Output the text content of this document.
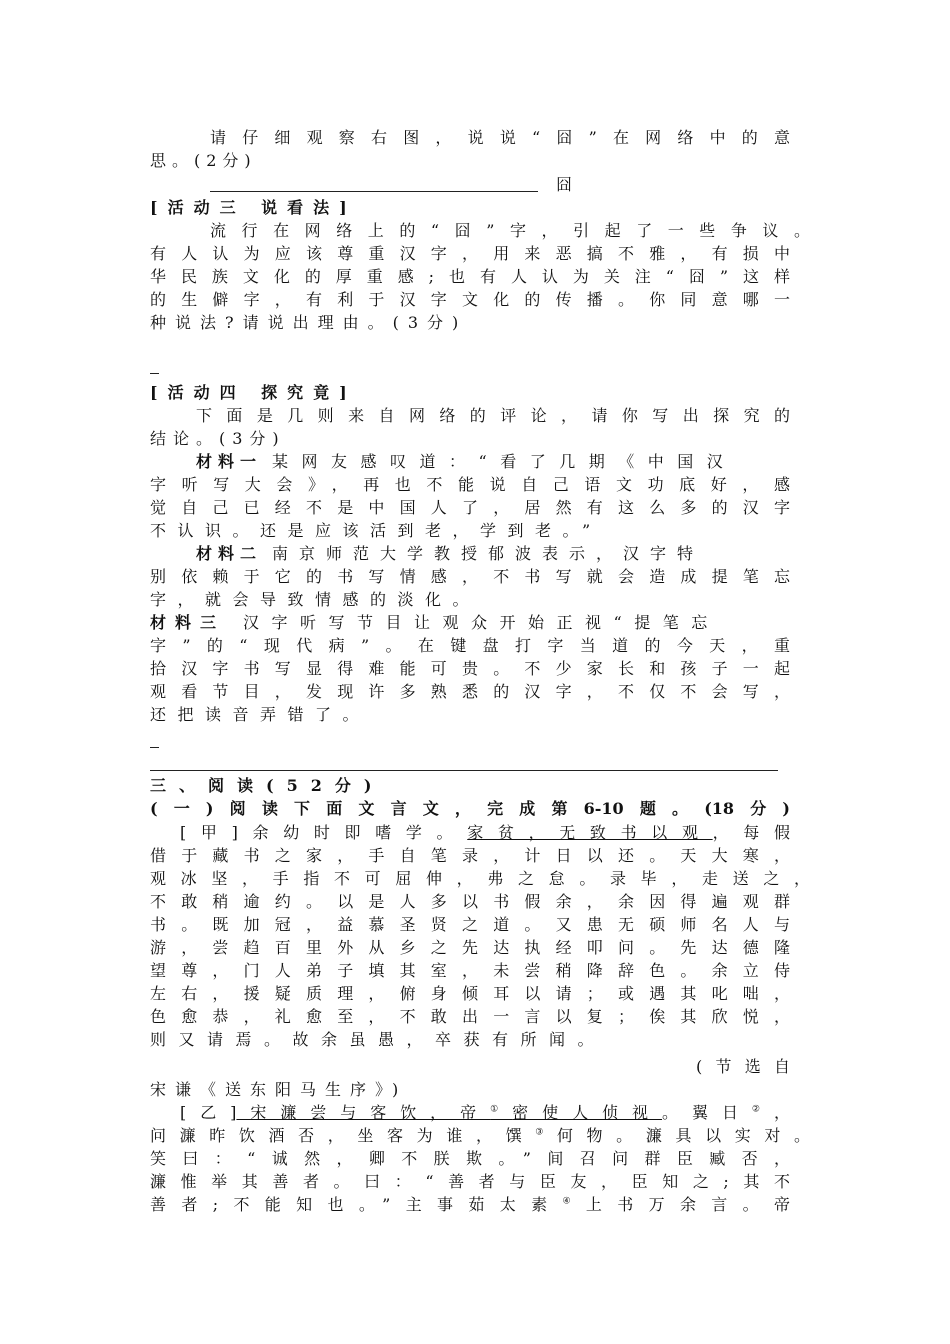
请仔细观察右图，说说“囧”在网络中的意
思。(2分)
囧
[活动三 说看法]
流行在网络上的“囧”字，引起了一些争议。
有人认为应该尊重汉字，用来恶搞不雅，有损中
华民族文化的厚重感;也有人认为关注“囧”这样
的生僻字，有利于汉字文化的传播。你同意哪一
种说法?请说出理由。(3分)
[活动四 探究竟]
下面是几则来自网络的评论，请你写出探究的
结论。(3分)
材料一 某网友感叹道：“看了几期《中国汉
字听写大会》，再也不能说自己语文功底好，感
觉自己已经不是中国人了，居然有这么多的汉字
不认识。还是应该活到老，学到老。”
材料二 南京师范大学教授郁波表示，汉字特
别依赖于它的书写情感，不书写就会造成提笔忘
字，就会导致情感的淡化。
材料三 汉字听写节目让观众开始正视“提笔忘
字”的“现代病”。在键盘打字当道的今天，重
拾汉字书写显得难能可贵。不少家长和孩子一起
观看节目，发现许多熟悉的汉字，不仅不会写，
还把读音弄错了。
三、阅读(52分)
(一)阅读下面文言文，完成第6-10题。(18分)
[甲]余幼时即嗜学。家贫，无致书以观，每假
借于藏书之家，手自笔录，计日以还。天大寒，
观冰坚，手指不可屈伸，弗之怠。录毕，走送之，
不敢稍逾约。以是人多以书假余，余因得遍观群
书。既加冠，益慕圣贤之道。又患无硕师名人与
游，尝趋百里外从乡之先达执经叩问。先达德隆
望尊，门人弟子填其室，未尝稍降辞色。余立侍
左右，援疑质理，俯身倾耳以请；或遇其叱咄，
色愈恭，礼愈至，不敢出一言以复；俟其欣悦，
则又请焉。故余虽愚，卒获有所闻。
(节选自
宋谦《送东阳马生序》)
[乙]宋濂尝与客饮，帝①密使人侦视。翼日②，
问濂昨饮酒否，坐客为谁，馔③何物。濂具以实对。
笑曰：“诚然，卿不朕欺。”间召问群臣臧否，
濂惟举其善者。曰：“善者与臣友，臣知之;其不
善者;不能知也。”主事茹太素④上书万余言。帝
